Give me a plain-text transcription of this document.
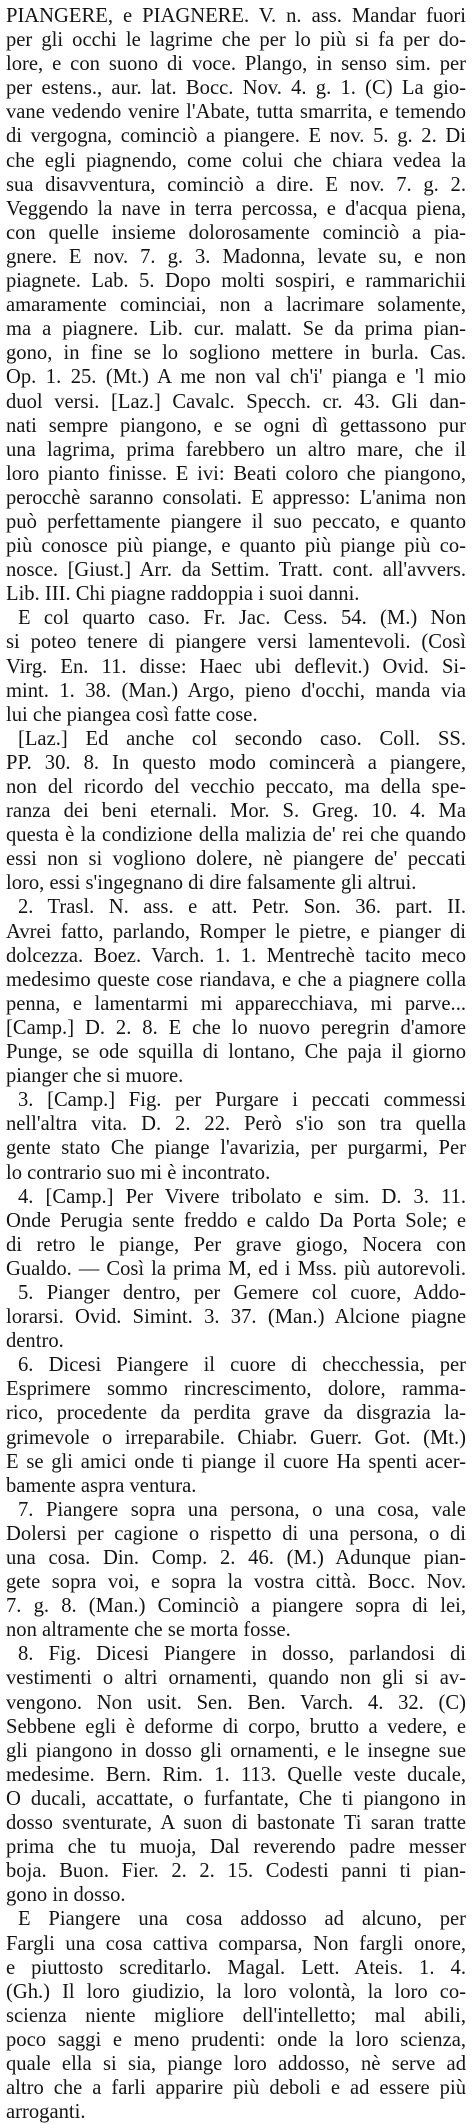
PIANGERE, e PIAGNERE. V. n. ass. Mandar fuori
per gli occhi le lagrime che per lo più si fa per do-
lore, e con suono di voce. Plango, in senso sim. per
per estens., aur. lat. Bocc. Nov. 4. g. 1. (C) La gio-
vane vedendo venire l'Abate, tutta smarrita, e temendo
di vergogna, cominciò a piangere. E nov. 5. g. 2. Di
che egli piagnendo, come colui che chiara vedea la
sua disavventura, cominciò a dire. E nov. 7. g. 2.
Veggendo la nave in terra percossa, e d'acqua piena,
con quelle insieme dolorosamente cominciò a pia-
gnere. E nov. 7. g. 3. Madonna, levate su, e non
piagnete. Lab. 5. Dopo molti sospiri, e rammarichii
amaramente cominciai, non a lacrimare solamente,
ma a piagnere. Lib. cur. malatt. Se da prima pian-
gono, in fine se lo sogliono mettere in burla. Cas.
Op. 1. 25. (Mt.) A me non val ch'i' pianga e 'l mio
duol versi. [Laz.] Cavalc. Specch. cr. 43. Gli dan-
nati sempre piangono, e se ogni dì gettassono pur
una lagrima, prima farebbero un altro mare, che il
loro pianto finisse. E ivi: Beati coloro che piangono,
perocchè saranno consolati. E appresso: L'anima non
può perfettamente piangere il suo peccato, e quanto
più conosce più piange, e quanto più piange più co-
nosce. [Giust.] Arr. da Settim. Tratt. cont. all'avvers.
Lib. III. Chi piagne raddoppia i suoi danni.
E col quarto caso. Fr. Jac. Cess. 54. (M.) Non
si poteo tenere di piangere versi lamentevoli. (Così
Virg. En. 11. disse: Haec ubi deflevit.) Ovid. Si-
mint. 1. 38. (Man.) Argo, pieno d'occhi, manda via
lui che piangea così fatte cose.
[Laz.] Ed anche col secondo caso. Coll. SS.
PP. 30. 8. In questo modo comincerà a piangere,
non del ricordo del vecchio peccato, ma della spe-
ranza dei beni eternali. Mor. S. Greg. 10. 4. Ma
questa è la condizione della malizia de' rei che quando
essi non si vogliono dolere, nè piangere de' peccati
loro, essi s'ingegnano di dire falsamente gli altrui.
2. Trasl. N. ass. e att. Petr. Son. 36. part. II.
Avrei fatto, parlando, Romper le pietre, e pianger di
dolcezza. Boez. Varch. 1. 1. Mentrechè tacito meco
medesimo queste cose riandava, e che a piagnere colla
penna, e lamentarmi mi apparecchiava, mi parve...
[Camp.] D. 2. 8. E che lo nuovo peregrin d'amore
Punge, se ode squilla di lontano, Che paja il giorno
pianger che si muore.
3. [Camp.] Fig. per Purgare i peccati commessi
nell'altra vita. D. 2. 22. Però s'io son tra quella
gente stato Che piange l'avarizia, per purgarmi, Per
lo contrario suo mi è incontrato.
4. [Camp.] Per Vivere tribolato e sim. D. 3. 11.
Onde Perugia sente freddo e caldo Da Porta Sole; e
di retro le piange, Per grave giogo, Nocera con
Gualdo. — Così la prima M, ed i Mss. più autorevoli.
5. Pianger dentro, per Gemere col cuore, Addo-
lorarsi. Ovid. Simint. 3. 37. (Man.) Alcione piagne
dentro.
6. Dicesi Piangere il cuore di checchessia, per
Esprimere sommo rincrescimento, dolore, ramma-
rico, procedente da perdita grave da disgrazia la-
grimevole o irreparabile. Chiabr. Guerr. Got. (Mt.)
E se gli amici onde ti piange il cuore Ha spenti acer-
bamente aspra ventura.
7. Piangere sopra una persona, o una cosa, vale
Dolersi per cagione o rispetto di una persona, o di
una cosa. Din. Comp. 2. 46. (M.) Adunque pian-
gete sopra voi, e sopra la vostra città. Bocc. Nov.
7. g. 8. (Man.) Cominciò a piangere sopra di lei,
non altramente che se morta fosse.
8. Fig. Dicesi Piangere in dosso, parlandosi di
vestimenti o altri ornamenti, quando non gli si av-
vengono. Non usit. Sen. Ben. Varch. 4. 32. (C)
Sebbene egli è deforme di corpo, brutto a vedere, e
gli piangono in dosso gli ornamenti, e le insegne sue
medesime. Bern. Rim. 1. 113. Quelle veste ducale,
O ducali, accattate, o furfantate, Che ti piangono in
dosso sventurate, A suon di bastonate Ti saran tratte
prima che tu muoja, Dal reverendo padre messer
boja. Buon. Fier. 2. 2. 15. Codesti panni ti pian-
gono in dosso.
E Piangere una cosa addosso ad alcuno, per
Fargli una cosa cattiva comparsa, Non fargli onore,
e piuttosto screditarlo. Magal. Lett. Ateis. 1. 4.
(Gh.) Il loro giudizio, la loro volontà, la loro co-
scienza niente migliore dell'intelletto; mal abili,
poco saggi e meno prudenti: onde la loro scienza,
quale ella si sia, piange loro addosso, nè serve ad
altro che a farli apparire più deboli e ad essere più
arroganti.
